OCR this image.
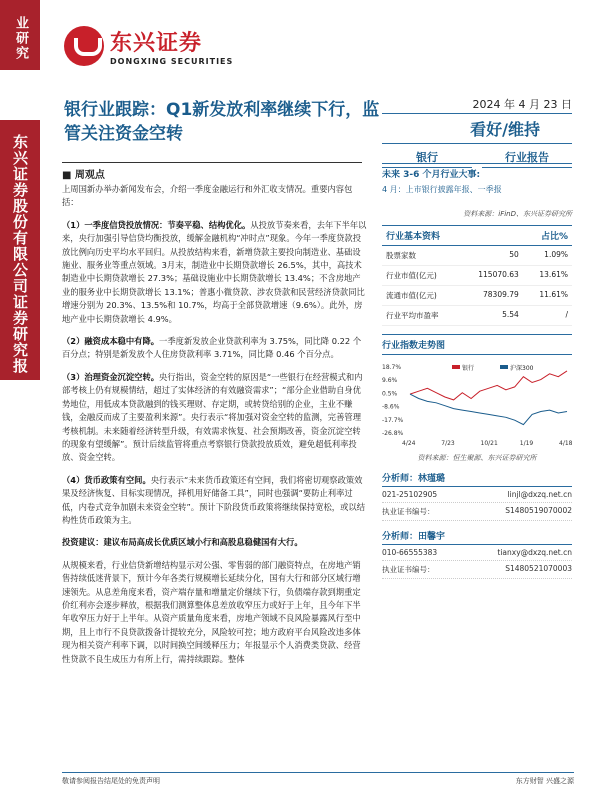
业研究
东兴证券股份有限公司证券研究报
东兴证券
DONGXING SECURITIES
银行业跟踪：Q1新发放利率继续下行，监管关注资金空转
2024 年 4 月 23 日
看好/维持
银行	行业报告
■ 周观点

上周国新办举办新闻发布会，介绍一季度金融运行和外汇收支情况。重要内容包括：

（1）一季度信贷投放情况：节奏平稳、结构优化。从投放节奏来看，去年下半年以来，央行加强引导信贷均衡投放，缓解金融机构“冲时点”现象。今年一季度贷款投放比例向历史平均水平回归。从投放结构来看，新增贷款主要投向制造业、基础设施业、服务业等重点领域。3月末，制造业中长期贷款增长 26.5%，其中，高技术制造业中长期贷款增长 27.3%；基础设施业中长期贷款增长 13.4%；不含房地产业的服务业中长期贷款增长 13.1%；普惠小微贷款、涉农贷款和民营经济贷款同比增速分别为 20.3%、13.5%和 10.7%，均高于全部贷款增速（9.6%）。此外，房地产业中长期贷款增长 4.9%。

（2）融资成本稳中有降。一季度新发放企业贷款利率为 3.75%，同比降 0.22 个百分点；特别是新发放个人住房贷款利率 3.71%，同比降 0.46 个百分点。

（3）治理资金沉淀空转。央行指出，资金空转的原因是“一些银行在经营模式和内部考核上仍有规模情结，超过了实体经济的有效融资需求”；“部分企业借助自身优势地位，用低成本贷款融到的钱买理财、存定期，或转贷给别的企业，主业不赚钱，金融反而成了主要盈利来源”。央行表示“将加强对资金空转的监测，完善管理考核机制。未来随着经济转型升级，有效需求恢复、社会预期改善，资金沉淀空转的现象有望缓解”。预计后续监管将重点考察银行贷款投放质效，避免超低利率投放、资金空转。

（4）货币政策有空间。央行表示“未来货币政策还有空间，我们将密切观察政策效果及经济恢复、目标实现情况，择机用好储备工具”，同时也强调“要防止利率过低，内卷式竞争加剧未来资金空转”。预计下阶段货币政策将继续保持宽松，或以结构性货币政策为主。

投资建议：建议布局高成长优质区域小行和高股息稳健国有大行。

从规模来看，行业信贷新增结构显示对公强、零售弱的部门融资特点，在房地产销售持续低迷背景下，预计今年各类行规模增长延续分化，国有大行和部分区域行增速领先。从息差角度来看，资产端存量和增量定价继续下行，负债端存款到期重定价红利亦会逐步释放，根据我们测算整体息差放收窄压力或好于上年，且今年下半年收窄压力好于上半年。从资产质量角度来看，房地产领域不良风险暴露风行至中期，且上市行不良贷款拨备计提较充分，风险较可控；地方政府平台风险改违多体现为相关资产利率下调，以时间换空间缓释压力；年报显示个人消费类贷款、经营性贷款不良生成压力有所上行，需持续跟踪。整体

未来 3-6 个月行业大事:
4 月：上市银行披露年报、一季报
资料来源：iFinD、东兴证券研究所
行业基本资料	占比%
股票家数	50	1.09%
行业市值(亿元)	115070.63	13.61%
流通市值(亿元)	78309.79	11.61%
行业平均市盈率	5.54	/
行业指数走势图
18.7%
9.6%
0.5%
-8.6%
-17.7%
-26.8%
4/24	7/23	10/21	1/19	4/18
银行	沪深300
资料来源：恒生聚源、东兴证券研究所
分析师：林瑾璐
021-25102905	linjl@dxzq.net.cn
执业证书编号：	S1480519070002
分析师：田馨宇
010-66555383	tianxy@dxzq.net.cn
执业证书编号：	S1480521070003
敬请参阅报告结尾处的免责声明	东方财智 兴盛之源
